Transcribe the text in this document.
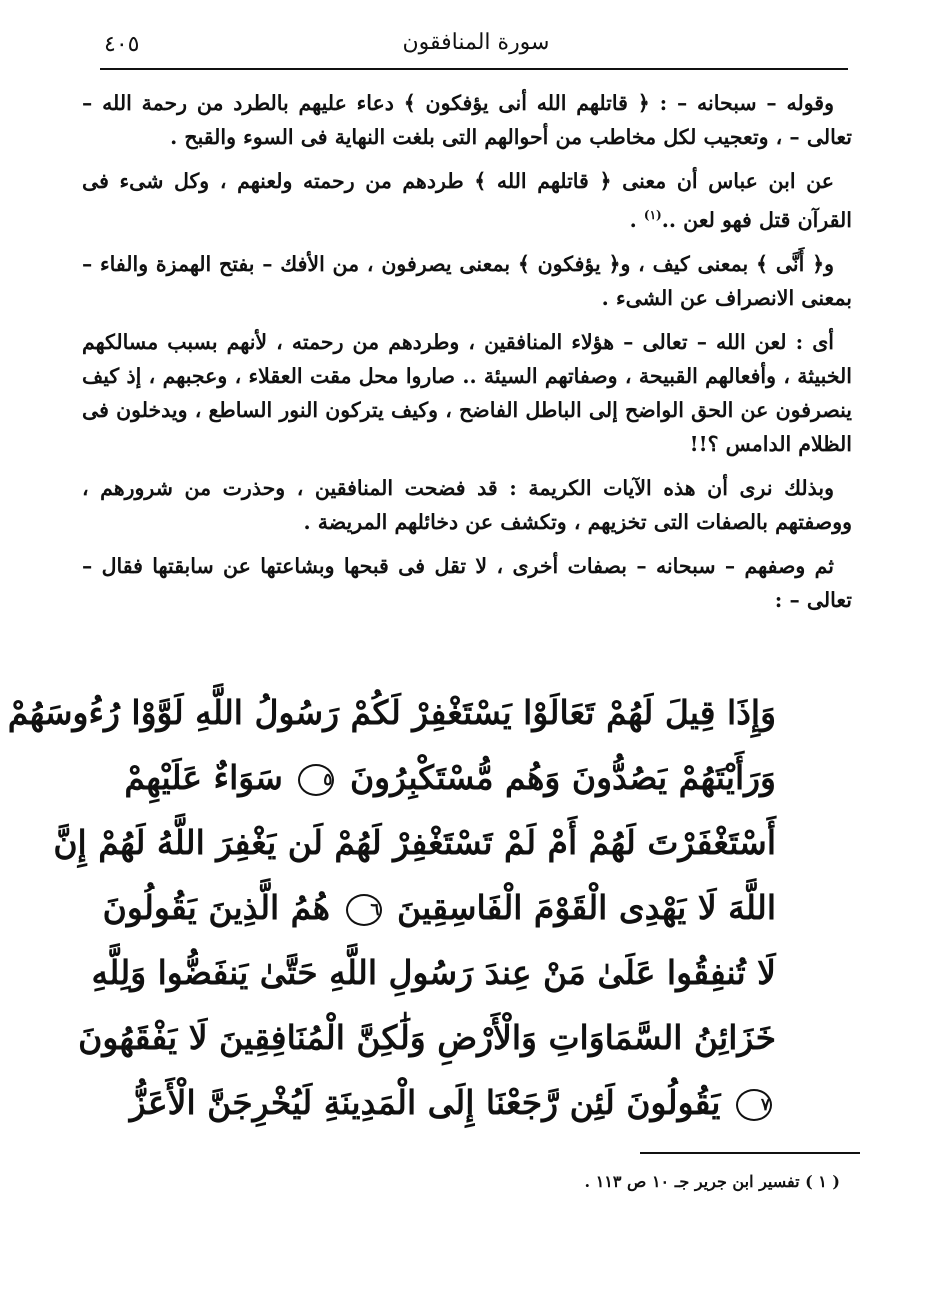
٤٠٥	سورة المنافقون

وقوله – سبحانه – : ﴿ قاتلهم الله أنى يؤفكون ﴾ دعاء عليهم بالطرد من رحمة الله – تعالى – ، وتعجيب لكل مخاطب من أحوالهم التى بلغت النهاية فى السوء والقبح .

عن ابن عباس أن معنى ﴿ قاتلهم الله ﴾ طردهم من رحمته ولعنهم ، وكل شىء فى القرآن قتل فهو لعن ..$^{(١)}$ .

و﴿ أَنَّى ﴾ بمعنى كيف ، و﴿ يؤفكون ﴾ بمعنى يصرفون ، من الأفك – بفتح الهمزة والفاء – بمعنى الانصراف عن الشىء .

أى : لعن الله – تعالى – هؤلاء المنافقين ، وطردهم من رحمته ، لأنهم بسبب مسالكهم الخبيثة ، وأفعالهم القبيحة ، وصفاتهم السيئة .. صاروا محل مقت العقلاء ، وعجبهم ، إذ كيف ينصرفون عن الحق الواضح إلى الباطل الفاضح ، وكيف يتركون النور الساطع ، ويدخلون فى الظلام الدامس ؟!!

وبذلك نرى أن هذه الآيات الكريمة : قد فضحت المنافقين ، وحذرت من شرورهم ، ووصفتهم بالصفات التى تخزيهم ، وتكشف عن دخائلهم المريضة .

ثم وصفهم – سبحانه – بصفات أخرى ، لا تقل فى قبحها وبشاعتها عن سابقتها فقال – تعالى – :

وَإِذَا قِيلَ لَهُمْ تَعَالَوْا يَسْتَغْفِرْ لَكُمْ رَسُولُ اللَّهِ لَوَّوْا رُءُوسَهُمْ
وَرَأَيْتَهُمْ يَصُدُّونَ وَهُم مُّسْتَكْبِرُونَ ٥ سَوَاءٌ عَلَيْهِمْ
أَسْتَغْفَرْتَ لَهُمْ أَمْ لَمْ تَسْتَغْفِرْ لَهُمْ لَن يَغْفِرَ اللَّهُ لَهُمْ إِنَّ
اللَّهَ لَا يَهْدِى الْقَوْمَ الْفَاسِقِينَ ٦ هُمُ الَّذِينَ يَقُولُونَ
لَا تُنفِقُوا عَلَىٰ مَنْ عِندَ رَسُولِ اللَّهِ حَتَّىٰ يَنفَضُّوا وَلِلَّهِ
خَزَائِنُ السَّمَاوَاتِ وَالْأَرْضِ وَلَٰكِنَّ الْمُنَافِقِينَ لَا يَفْقَهُونَ
٧ يَقُولُونَ لَئِن رَّجَعْنَا إِلَى الْمَدِينَةِ لَيُخْرِجَنَّ الْأَعَزُّ
( ١ ) تفسير ابن جرير جـ ١٠ ص ١١٣ .
